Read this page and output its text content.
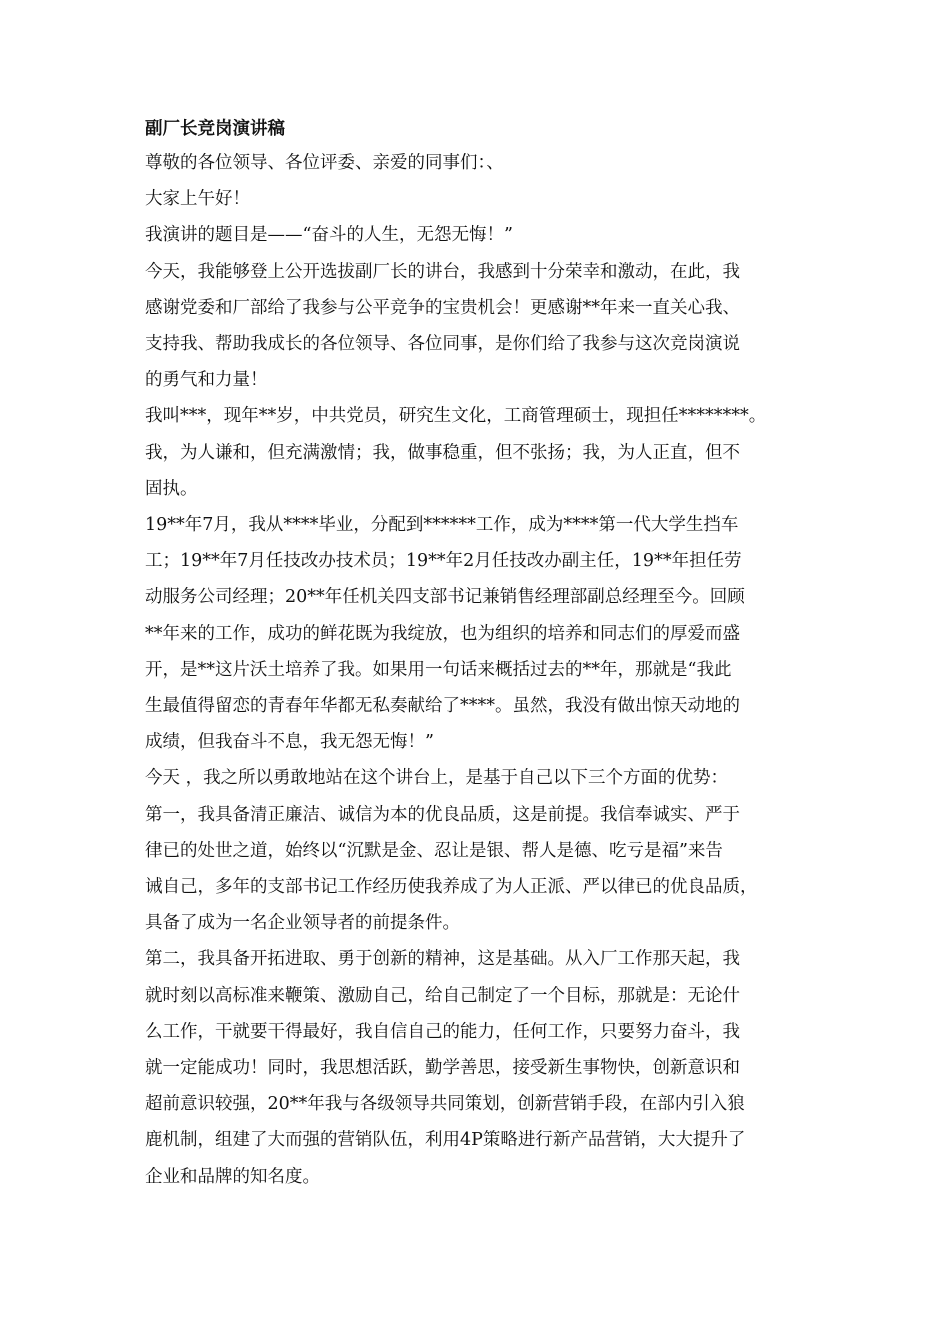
副厂长竞岗演讲稿

尊敬的各位领导、各位评委、亲爱的同事们：、

大家上午好！

我演讲的题目是——“奋斗的人生，无怨无悔！”

今天，我能够登上公开选拔副厂长的讲台，我感到十分荣幸和激动，在此，我
感谢党委和厂部给了我参与公平竞争的宝贵机会！更感谢**年来一直关心我、
支持我、帮助我成长的各位领导、各位同事，是你们给了我参与这次竞岗演说
的勇气和力量！

我叫***，现年**岁，中共党员，研究生文化，工商管理硕士，现担任********。
我，为人谦和，但充满激情；我，做事稳重，但不张扬；我，为人正直，但不
固执。

19**年7月，我从****毕业，分配到******工作，成为****第一代大学生挡车
工；19**年7月任技改办技术员；19**年2月任技改办副主任，19**年担任劳
动服务公司经理；20**年任机关四支部书记兼销售经理部副总经理至今。回顾
**年来的工作，成功的鲜花既为我绽放，也为组织的培养和同志们的厚爱而盛
开，是**这片沃土培养了我。如果用一句话来概括过去的**年，那就是“我此
生最值得留恋的青春年华都无私奏献给了****。虽然，我没有做出惊天动地的
成绩，但我奋斗不息，我无怨无悔！”

今天 ，我之所以勇敢地站在这个讲台上，是基于自己以下三个方面的优势：

第一，我具备清正廉洁、诚信为本的优良品质，这是前提。我信奉诚实、严于
律已的处世之道，始终以“沉默是金、忍让是银、帮人是德、吃亏是福”来告
诫自己，多年的支部书记工作经历使我养成了为人正派、严以律已的优良品质，
具备了成为一名企业领导者的前提条件。

第二，我具备开拓进取、勇于创新的精神，这是基础。从入厂工作那天起，我
就时刻以高标准来鞭策、激励自己，给自己制定了一个目标，那就是：无论什
么工作，干就要干得最好，我自信自己的能力，任何工作，只要努力奋斗，我
就一定能成功！同时，我思想活跃，勤学善思，接受新生事物快，创新意识和
超前意识较强，20**年我与各级领导共同策划，创新营销手段，在部内引入狼
鹿机制，组建了大而强的营销队伍，利用4P策略进行新产品营销，大大提升了
企业和品牌的知名度。
